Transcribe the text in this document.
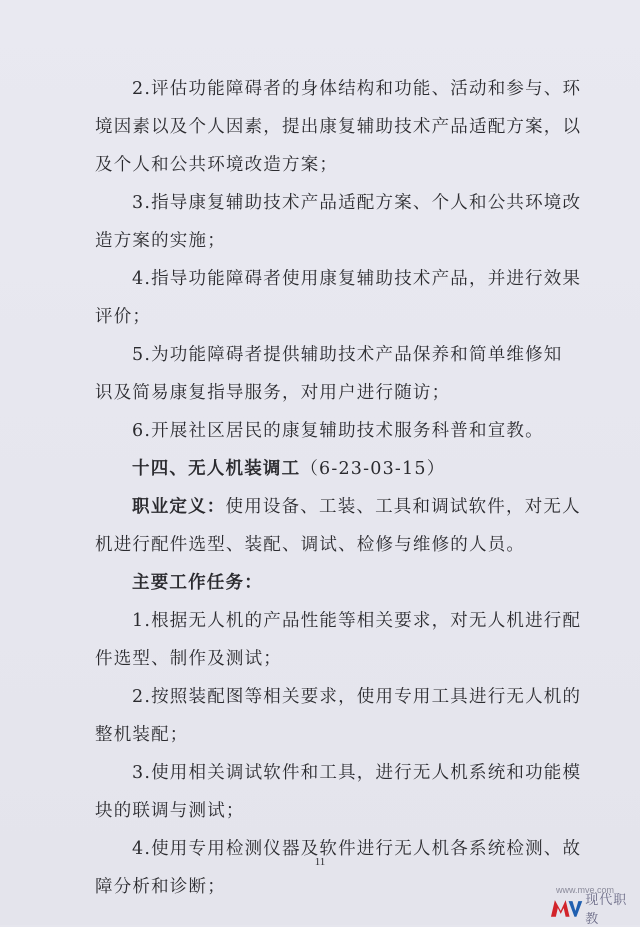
2.评估功能障碍者的身体结构和功能、活动和参与、环
境因素以及个人因素，提出康复辅助技术产品适配方案，以
及个人和公共环境改造方案；
3.指导康复辅助技术产品适配方案、个人和公共环境改
造方案的实施；
4.指导功能障碍者使用康复辅助技术产品，并进行效果
评价；
5.为功能障碍者提供辅助技术产品保养和简单维修知
识及简易康复指导服务，对用户进行随访；
6.开展社区居民的康复辅助技术服务科普和宣教。
十四、无人机装调工（6-23-03-15）
职业定义：使用设备、工装、工具和调试软件，对无人
机进行配件选型、装配、调试、检修与维修的人员。
主要工作任务：
1.根据无人机的产品性能等相关要求，对无人机进行配
件选型、制作及测试；
2.按照装配图等相关要求，使用专用工具进行无人机的
整机装配；
3.使用相关调试软件和工具，进行无人机系统和功能模
块的联调与测试；
4.使用专用检测仪器及软件进行无人机各系统检测、故
障分析和诊断；
11
www.mve.com
现代职教
